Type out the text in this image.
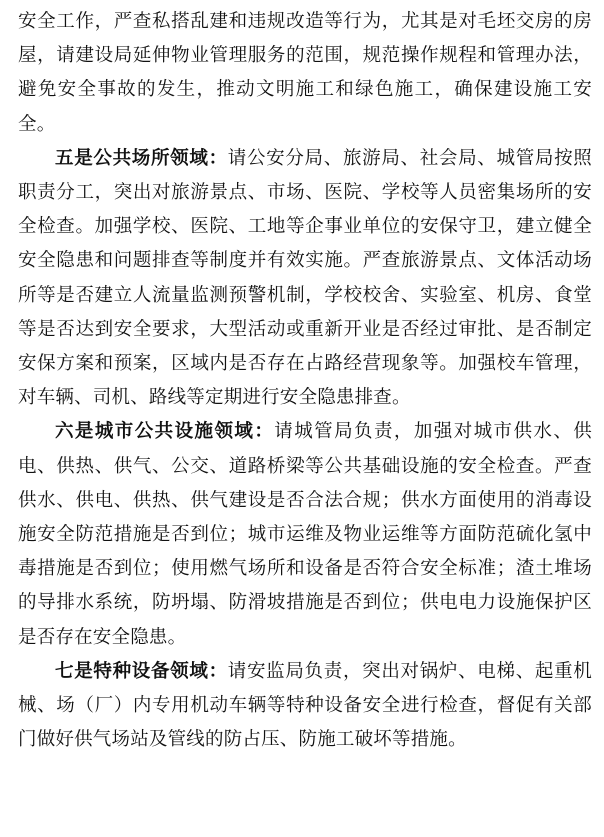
安全工作，严查私搭乱建和违规改造等行为，尤其是对毛坯交房的房屋，请建设局延伸物业管理服务的范围，规范操作规程和管理办法，避免安全事故的发生，推动文明施工和绿色施工，确保建设施工安全。

五是公共场所领域：请公安分局、旅游局、社会局、城管局按照职责分工，突出对旅游景点、市场、医院、学校等人员密集场所的安全检查。加强学校、医院、工地等企事业单位的安保守卫，建立健全安全隐患和问题排查等制度并有效实施。严查旅游景点、文体活动场所等是否建立人流量监测预警机制，学校校舍、实验室、机房、食堂等是否达到安全要求，大型活动或重新开业是否经过审批、是否制定安保方案和预案，区域内是否存在占路经营现象等。加强校车管理，对车辆、司机、路线等定期进行安全隐患排查。

六是城市公共设施领域：请城管局负责，加强对城市供水、供电、供热、供气、公交、道路桥梁等公共基础设施的安全检查。严查供水、供电、供热、供气建设是否合法合规；供水方面使用的消毒设施安全防范措施是否到位；城市运维及物业运维等方面防范硫化氢中毒措施是否到位；使用燃气场所和设备是否符合安全标准；渣土堆场的导排水系统，防坍塌、防滑坡措施是否到位；供电电力设施保护区是否存在安全隐患。

七是特种设备领域：请安监局负责，突出对锅炉、电梯、起重机械、场（厂）内专用机动车辆等特种设备安全进行检查，督促有关部门做好供气场站及管线的防占压、防施工破坏等措施。
